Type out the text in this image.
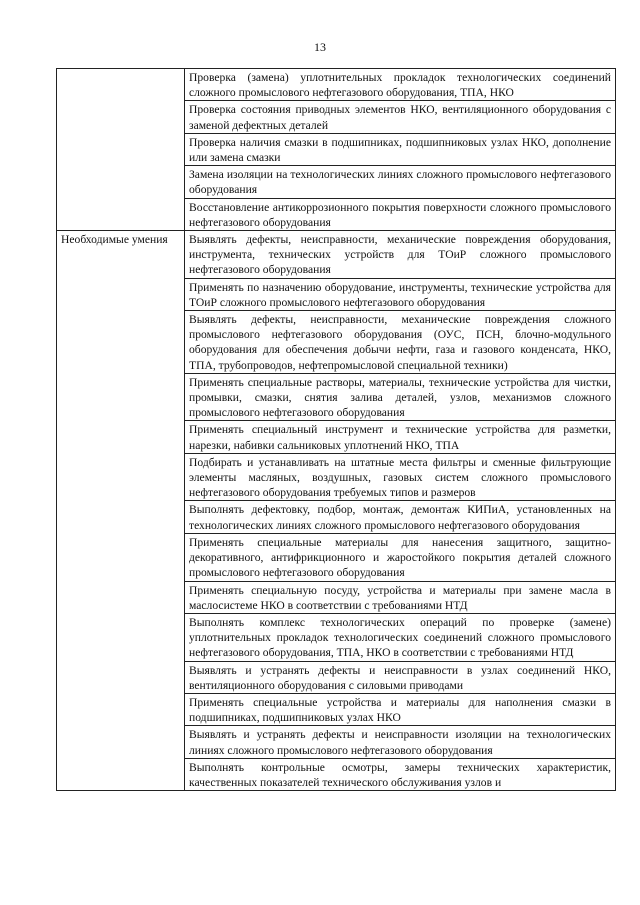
13
	Проверка (замена) уплотнительных прокладок технологических соединений сложного промыслового нефтегазового оборудования, ТПА, НКО
	Проверка состояния приводных элементов НКО, вентиляционного оборудования с заменой дефектных деталей
	Проверка наличия смазки в подшипниках, подшипниковых узлах НКО, дополнение или замена смазки
	Замена изоляции на технологических линиях сложного промыслового нефтегазового оборудования
	Восстановление антикоррозионного покрытия поверхности сложного промыслового нефтегазового оборудования
Необходимые умения	Выявлять дефекты, неисправности, механические повреждения оборудования, инструмента, технических устройств для ТОиР сложного промыслового нефтегазового оборудования
	Применять по назначению оборудование, инструменты, технические устройства для ТОиР сложного промыслового нефтегазового оборудования
	Выявлять дефекты, неисправности, механические повреждения сложного промыслового нефтегазового оборудования (ОУС, ПСН, блочно-модульного оборудования для обеспечения добычи нефти, газа и газового конденсата, НКО, ТПА, трубопроводов, нефтепромысловой специальной техники)
	Применять специальные растворы, материалы, технические устройства для чистки, промывки, смазки, снятия залива деталей, узлов, механизмов сложного промыслового нефтегазового оборудования
	Применять специальный инструмент и технические устройства для разметки, нарезки, набивки сальниковых уплотнений НКО, ТПА
	Подбирать и устанавливать на штатные места фильтры и сменные фильтрующие элементы масляных, воздушных, газовых систем сложного промыслового нефтегазового оборудования требуемых типов и размеров
	Выполнять дефектовку, подбор, монтаж, демонтаж КИПиА, установленных на технологических линиях сложного промыслового нефтегазового оборудования
	Применять специальные материалы для нанесения защитного, защитно-декоративного, антифрикционного и жаростойкого покрытия деталей сложного промыслового нефтегазового оборудования
	Применять специальную посуду, устройства и материалы при замене масла в маслосистеме НКО в соответствии с требованиями НТД
	Выполнять комплекс технологических операций по проверке (замене) уплотнительных прокладок технологических соединений сложного промыслового нефтегазового оборудования, ТПА, НКО в соответствии с требованиями НТД
	Выявлять и устранять дефекты и неисправности в узлах соединений НКО, вентиляционного оборудования с силовыми приводами
	Применять специальные устройства и материалы для наполнения смазки в подшипниках, подшипниковых узлах НКО
	Выявлять и устранять дефекты и неисправности изоляции на технологических линиях сложного промыслового нефтегазового оборудования
	Выполнять контрольные осмотры, замеры технических характеристик, качественных показателей технического обслуживания узлов и
